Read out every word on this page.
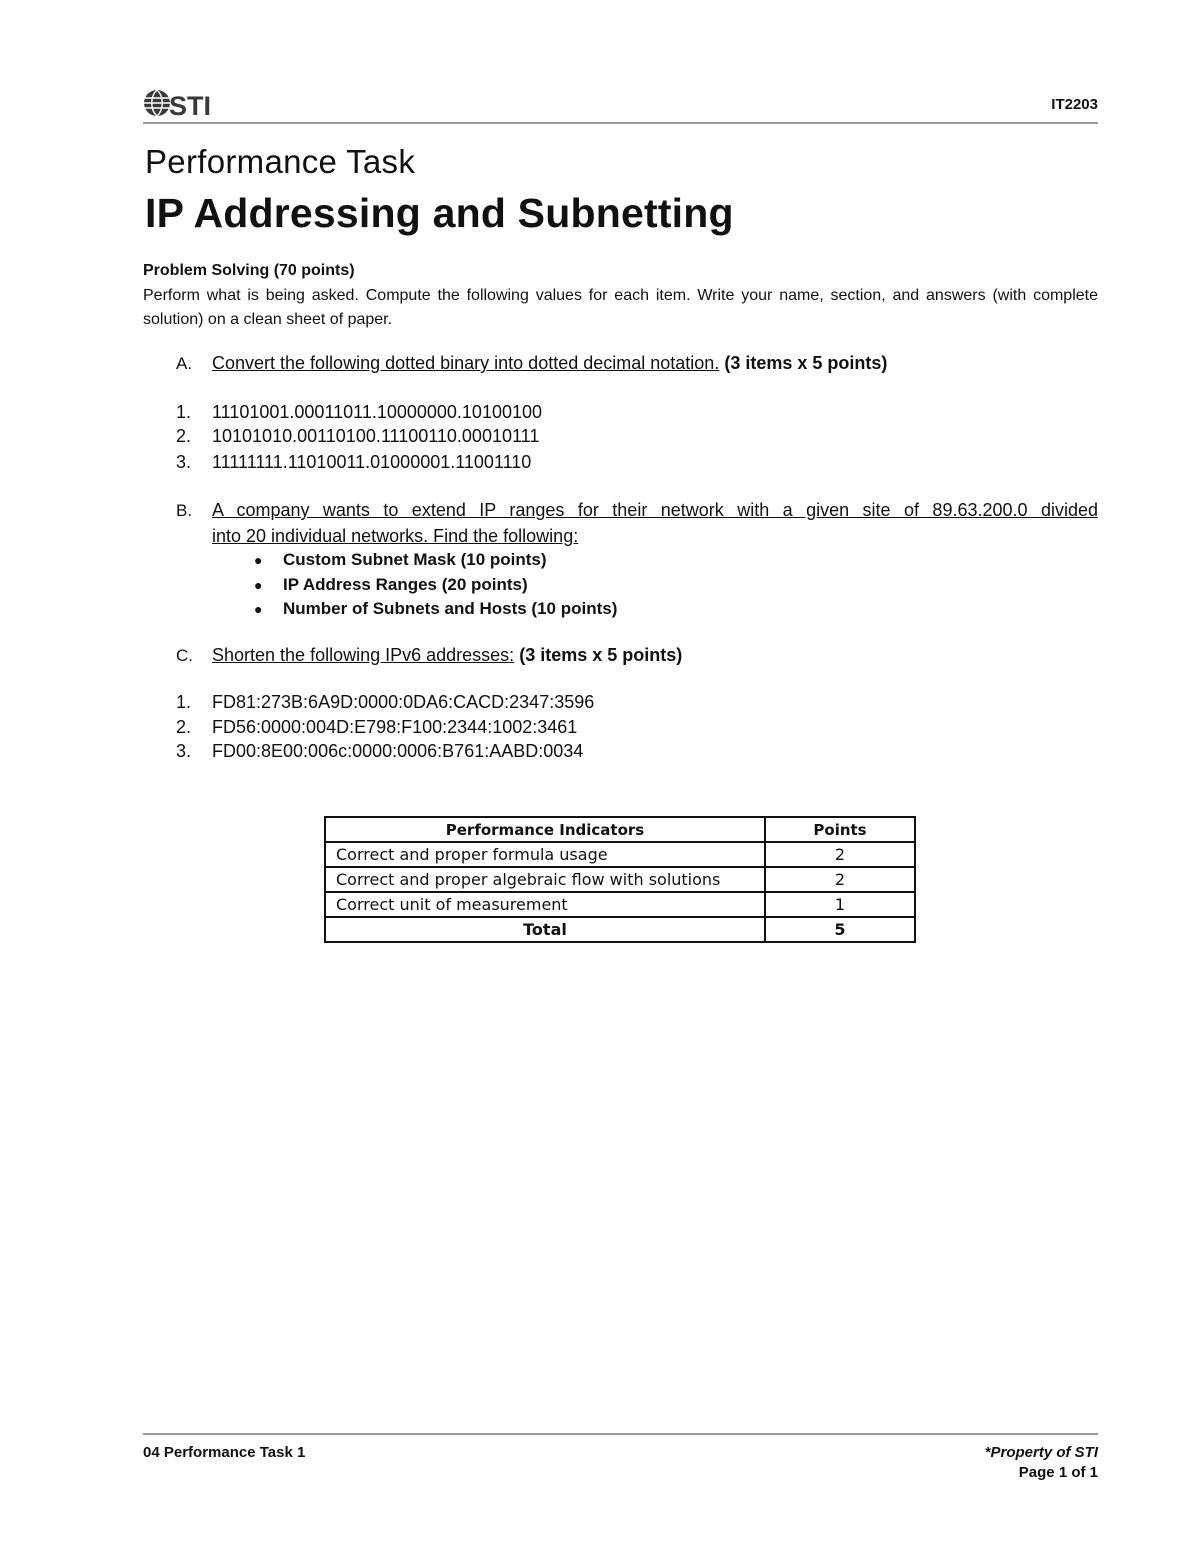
STI	IT2203
Performance Task
IP Addressing and Subnetting
Problem Solving (70 points)
Perform what is being asked. Compute the following values for each item. Write your name, section, and answers (with complete solution) on a clean sheet of paper.
A. Convert the following dotted binary into dotted decimal notation. (3 items x 5 points)
1. 11101001.00011011.10000000.10100100
2. 10101010.00110100.11100110.00010111
3. 11111111.11010011.01000001.11001110
B. A company wants to extend IP ranges for their network with a given site of 89.63.200.0 divided
into 20 individual networks. Find the following:
● Custom Subnet Mask (10 points)
● IP Address Ranges (20 points)
● Number of Subnets and Hosts (10 points)
C. Shorten the following IPv6 addresses: (3 items x 5 points)
1. FD81:273B:6A9D:0000:0DA6:CACD:2347:3596
2. FD56:0000:004D:E798:F100:2344:1002:3461
3. FD00:8E00:006c:0000:0006:B761:AABD:0034
Performance Indicators	Points
Correct and proper formula usage	2
Correct and proper algebraic flow with solutions	2
Correct unit of measurement	1
Total	5
04 Performance Task 1	*Property of STI
Page 1 of 1
